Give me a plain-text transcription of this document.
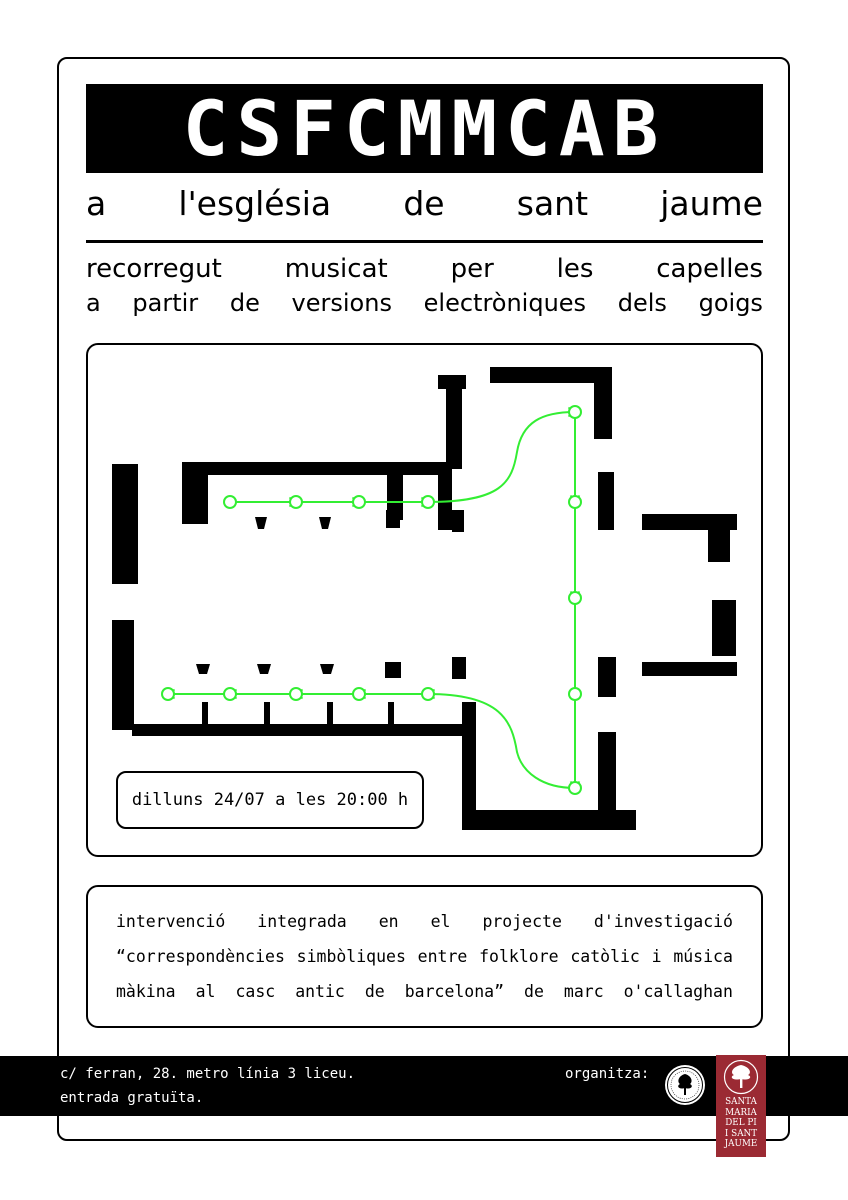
CSFCMMCAB
a l'església de sant jaume
recorregut musicat per les capelles
a partir de versions electròniques dels goigs
dilluns 24/07 a les 20:00 h
intervenció integrada en el projecte d'investigació
“correspondències simbòliques entre folklore catòlic i música
màkina al casc antic de barcelona” de marc o'callaghan
c/ ferran, 28. metro línia 3 liceu.
entrada gratuïta.
organitza:
SANTA
MARIA
DEL PI
I SANT
JAUME
